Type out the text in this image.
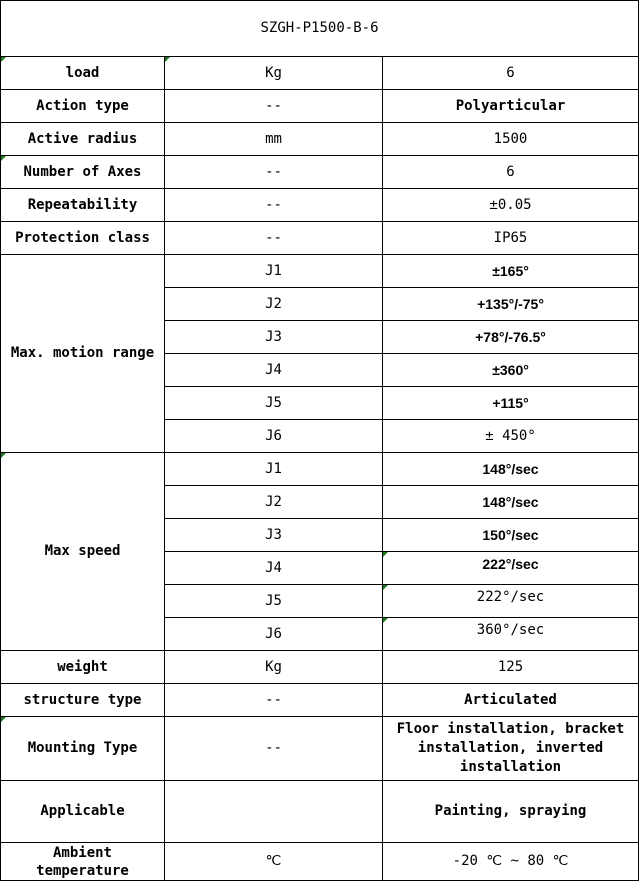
SZGH-P1500-B-6		
load	Kg	6
Action type	--	Polyarticular
Active radius	mm	1500
Number of Axes	--	6
Repeatability	--	±0.05
Protection class	--	IP65
Max. motion range	J1	±165°
	J2	+135°/-75°
	J3	+78°/-76.5°
	J4	±360°
	J5	+115°
	J6	± 450°
Max speed	J1	148°/sec
	J2	148°/sec
	J3	150°/sec
	J4	222°/sec
	J5	222°/sec
	J6	360°/sec
weight	Kg	125
structure type	--	Articulated
Mounting Type	--	Floor installation, bracket installation, inverted installation
Applicable		Painting, spraying
Ambient temperature	℃	-20 ℃ ~ 80 ℃
